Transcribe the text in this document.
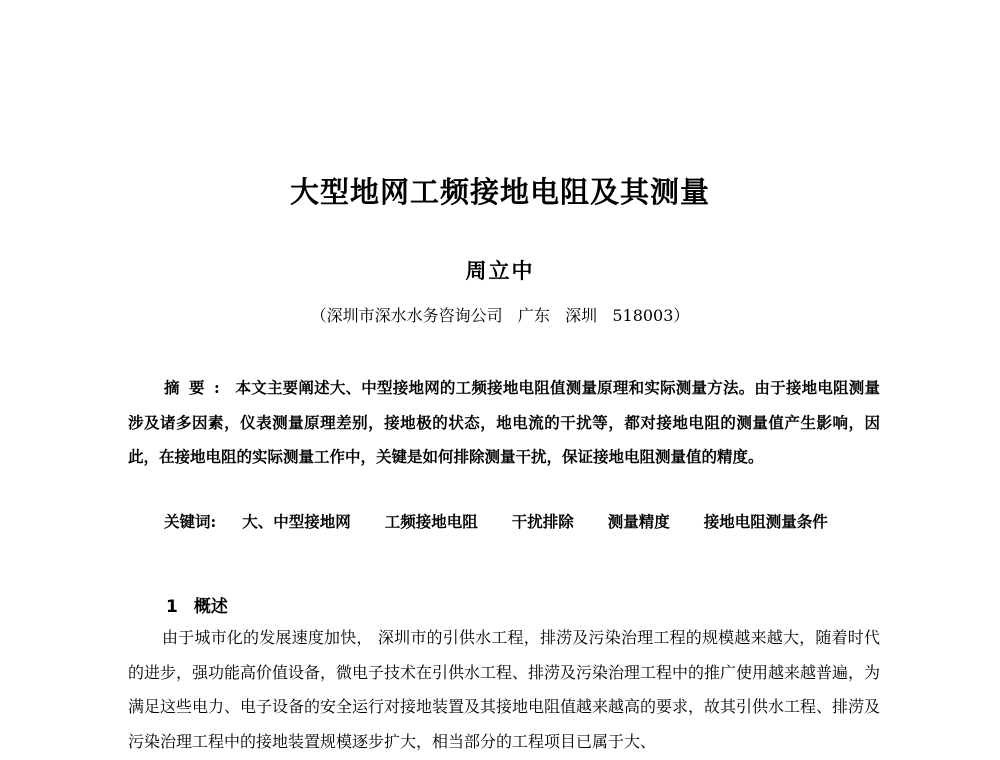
大型地网工频接地电阻及其测量
周立中
（深圳市深水水务咨询公司   广东   深圳   518003）

摘要: 本文主要阐述大、中型接地网的工频接地电阻值测量原理和实际测量方法。由于接地电阻测量涉及诸多因素，仪表测量原理差别，接地极的状态，地电流的干扰等，都对接地电阻的测量值产生影响，因此，在接地电阻的实际测量工作中，关键是如何排除测量干扰，保证接地电阻测量值的精度。

关键词: 大、中型接地网 工频接地电阻 干扰排除 测量精度 接地电阻测量条件
1 概述

由于城市化的发展速度加快， 深圳市的引供水工程，排涝及污染治理工程的规模越来越大，随着时代的进步，强功能高价值设备，微电子技术在引供水工程、排涝及污染治理工程中的推广使用越来越普遍，为满足这些电力、电子设备的安全运行对接地装置及其接地电阻值越来越高的要求，故其引供水工程、排涝及污染治理工程中的接地装置规模逐步扩大，相当部分的工程项目已属于大、
